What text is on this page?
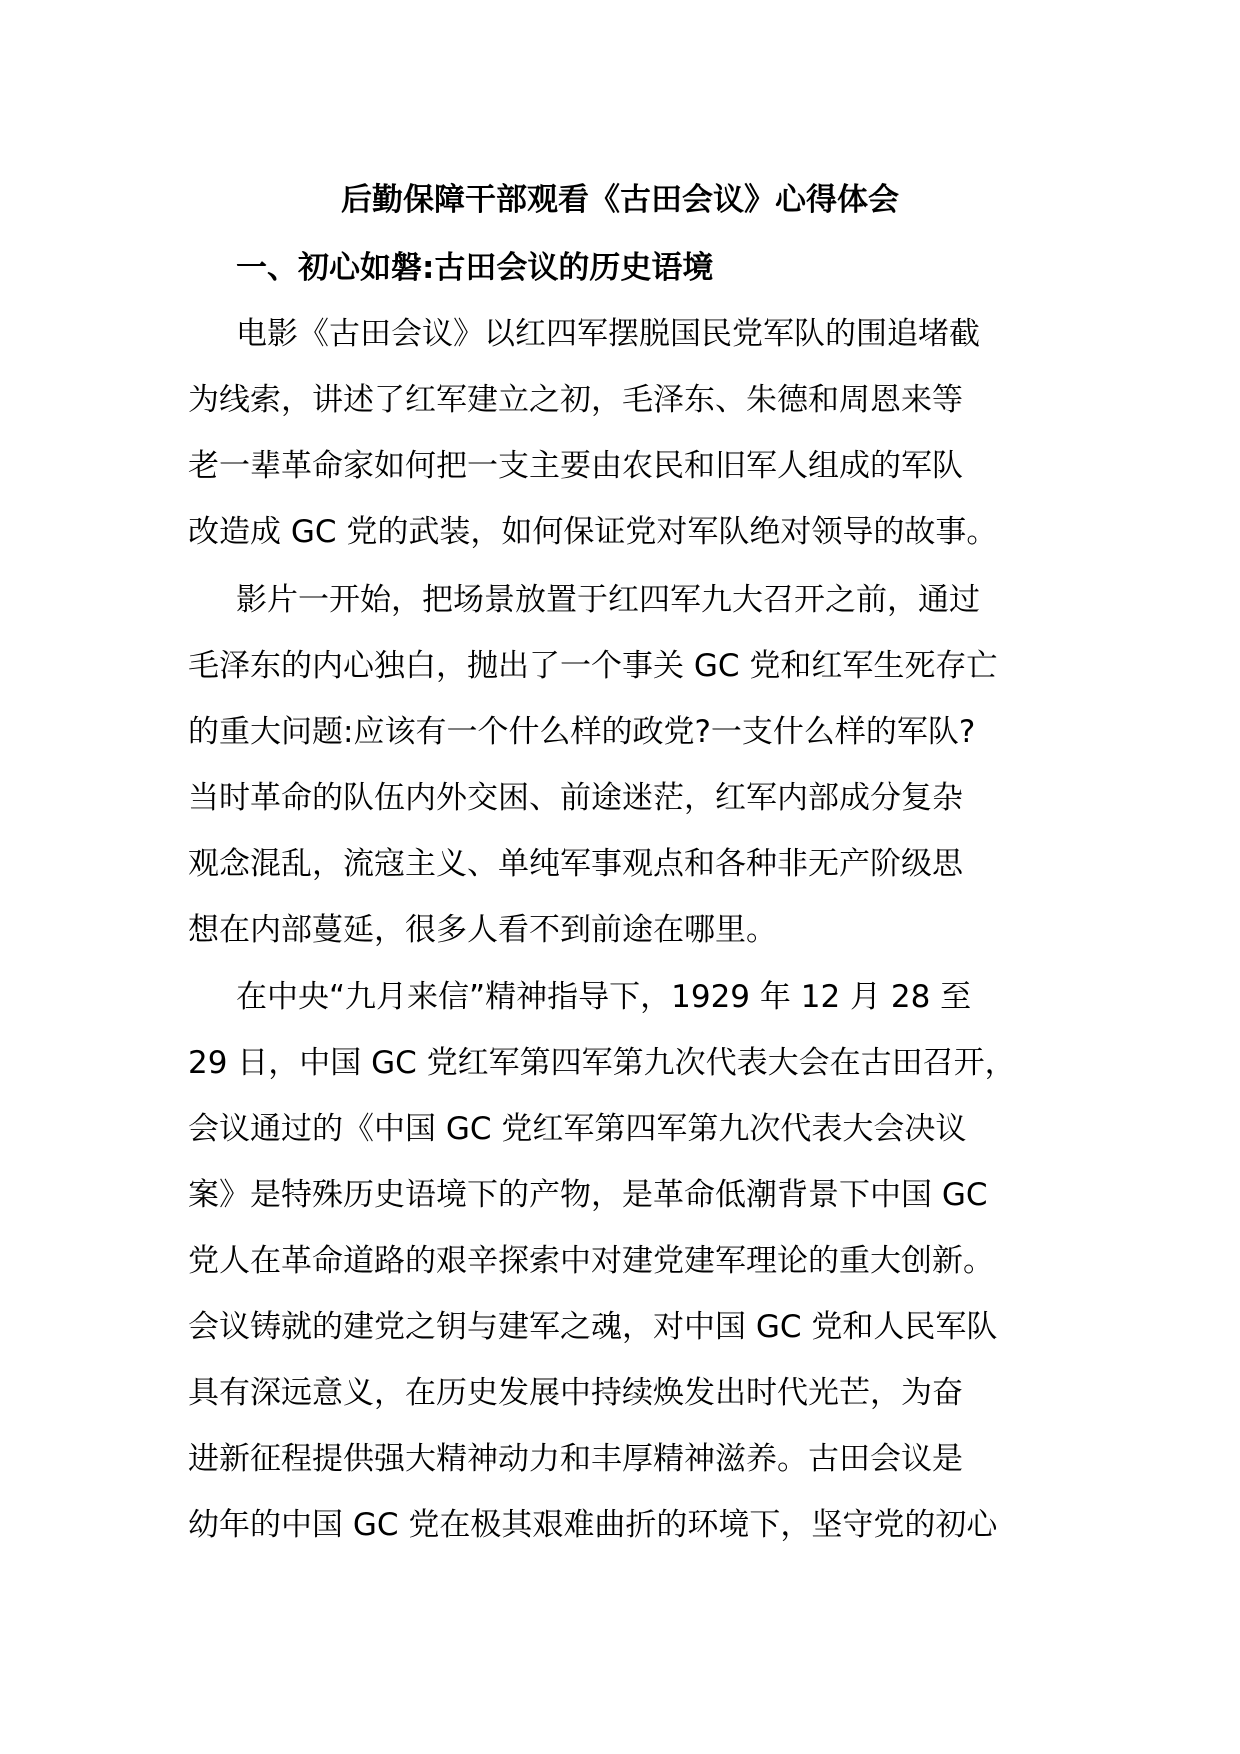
后勤保障干部观看《古田会议》心得体会
一、初心如磐:古田会议的历史语境
电影《古田会议》以红四军摆脱国民党军队的围追堵截
为线索，讲述了红军建立之初，毛泽东、朱德和周恩来等
老一辈革命家如何把一支主要由农民和旧军人组成的军队
改造成 GC 党的武装，如何保证党对军队绝对领导的故事。
影片一开始，把场景放置于红四军九大召开之前，通过
毛泽东的内心独白，抛出了一个事关 GC 党和红军生死存亡
的重大问题:应该有一个什么样的政党?一支什么样的军队?
当时革命的队伍内外交困、前途迷茫，红军内部成分复杂
观念混乱，流寇主义、单纯军事观点和各种非无产阶级思
想在内部蔓延，很多人看不到前途在哪里。
在中央“九月来信”精神指导下，1929 年 12 月 28 至
29 日，中国 GC 党红军第四军第九次代表大会在古田召开，
会议通过的《中国 GC 党红军第四军第九次代表大会决议
案》是特殊历史语境下的产物，是革命低潮背景下中国 GC
党人在革命道路的艰辛探索中对建党建军理论的重大创新。
会议铸就的建党之钥与建军之魂，对中国 GC 党和人民军队
具有深远意义，在历史发展中持续焕发出时代光芒，为奋
进新征程提供强大精神动力和丰厚精神滋养。古田会议是
幼年的中国 GC 党在极其艰难曲折的环境下，坚守党的初心
